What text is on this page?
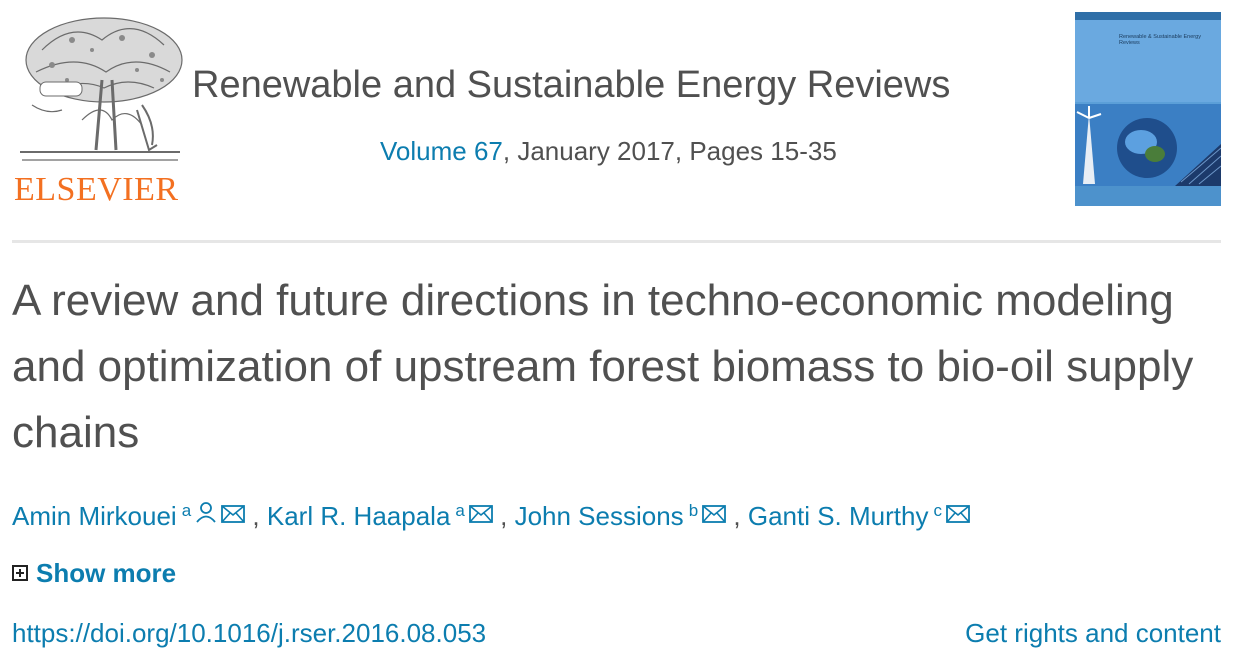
ELSEVIER
Renewable and Sustainable Energy Reviews
Volume 67, January 2017, Pages 15-35
Renewable & Sustainable Energy Reviews
A review and future directions in techno-economic modeling and optimization of upstream forest biomass to bio-oil supply chains
Amin Mirkouei $^a$ , Karl R. Haapala $^a$ , John Sessions $^b$ , Ganti S. Murthy $^c$
Show more
https://doi.org/10.1016/j.rser.2016.08.053	Get rights and content
